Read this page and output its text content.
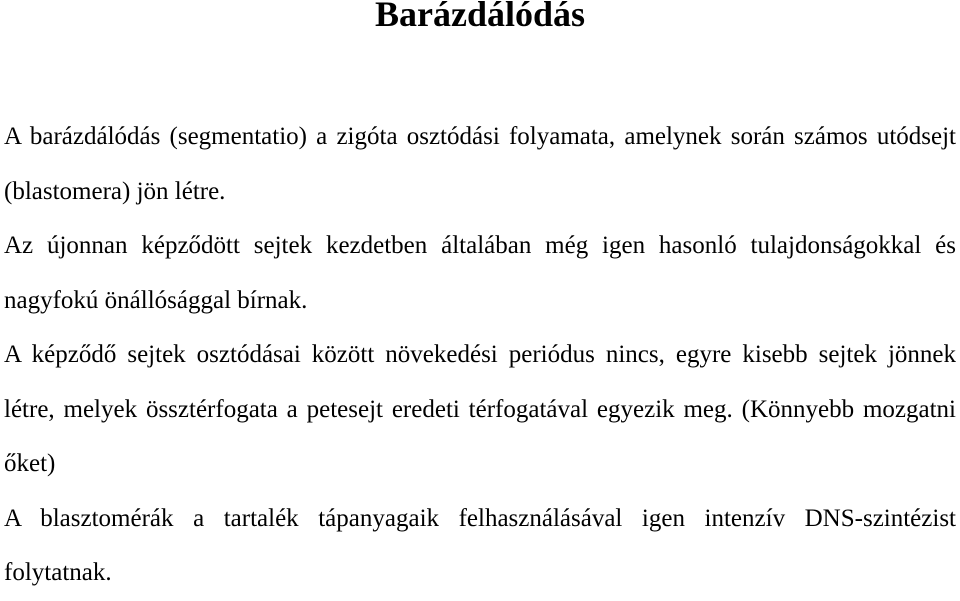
Barázdálódás

A barázdálódás (segmentatio) a zigóta osztódási folyamata, amelynek során számos utódsejt (blastomera) jön létre.

Az újonnan képződött sejtek kezdetben általában még igen hasonló tulajdonságokkal és nagyfokú önállósággal bírnak.

A képződő sejtek osztódásai között növekedési periódus nincs, egyre kisebb sejtek jönnek létre, melyek össztérfogata a petesejt eredeti térfogatával egyezik meg. (Könnyebb mozgatni őket)

A blasztomérák a tartalék tápanyagaik felhasználásával igen intenzív DNS-szintézist folytatnak.
